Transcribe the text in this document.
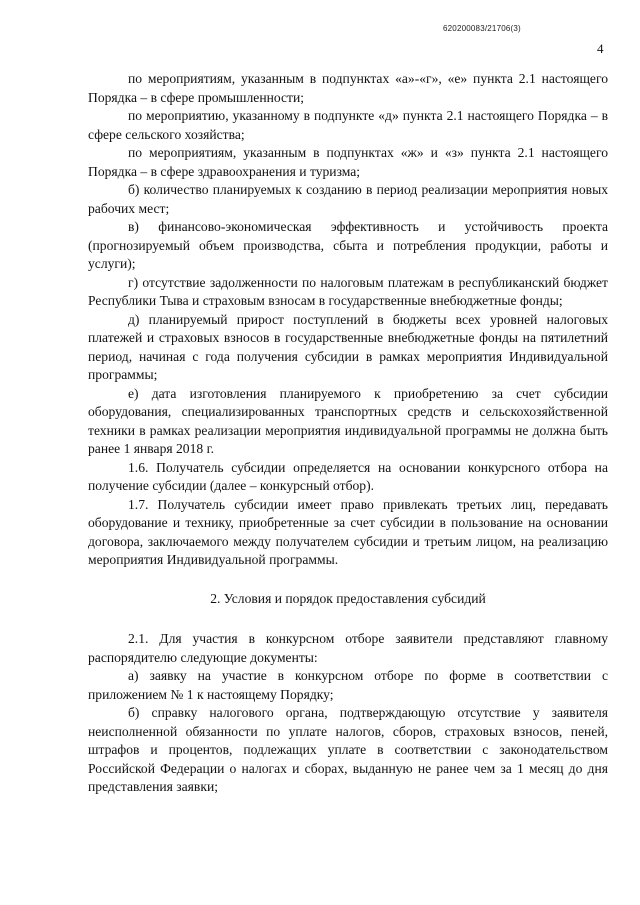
620200083/21706(3)
4

по мероприятиям, указанным в подпунктах «а»-«г», «е» пункта 2.1 настоящего Порядка – в сфере промышленности;

по мероприятию, указанному в подпункте «д» пункта 2.1 настоящего Порядка – в сфере сельского хозяйства;

по мероприятиям, указанным в подпунктах «ж» и «з» пункта 2.1 настоящего Порядка – в сфере здравоохранения и туризма;

б) количество планируемых к созданию в период реализации мероприятия новых рабочих мест;

в) финансово-экономическая эффективность и устойчивость проекта (прогнозируемый объем производства, сбыта и потребления продукции, работы и услуги);

г) отсутствие задолженности по налоговым платежам в республиканский бюджет Республики Тыва и страховым взносам в государственные внебюджетные фонды;

д) планируемый прирост поступлений в бюджеты всех уровней налоговых платежей и страховых взносов в государственные внебюджетные фонды на пятилетний период, начиная с года получения субсидии в рамках мероприятия Индивидуальной программы;

е) дата изготовления планируемого к приобретению за счет субсидии оборудования, специализированных транспортных средств и сельскохозяйственной техники в рамках реализации мероприятия индивидуальной программы не должна быть ранее 1 января 2018 г.

1.6. Получатель субсидии определяется на основании конкурсного отбора на получение субсидии (далее – конкурсный отбор).

1.7. Получатель субсидии имеет право привлекать третьих лиц, передавать оборудование и технику, приобретенные за счет субсидии в пользование на основании договора, заключаемого между получателем субсидии и третьим лицом, на реализацию мероприятия Индивидуальной программы.

2. Условия и порядок предоставления субсидий

2.1. Для участия в конкурсном отборе заявители представляют главному распорядителю следующие документы:

а) заявку на участие в конкурсном отборе по форме в соответствии с приложением № 1 к настоящему Порядку;

б) справку налогового органа, подтверждающую отсутствие у заявителя неисполненной обязанности по уплате налогов, сборов, страховых взносов, пеней, штрафов и процентов, подлежащих уплате в соответствии с законодательством Российской Федерации о налогах и сборах, выданную не ранее чем за 1 месяц до дня представления заявки;
